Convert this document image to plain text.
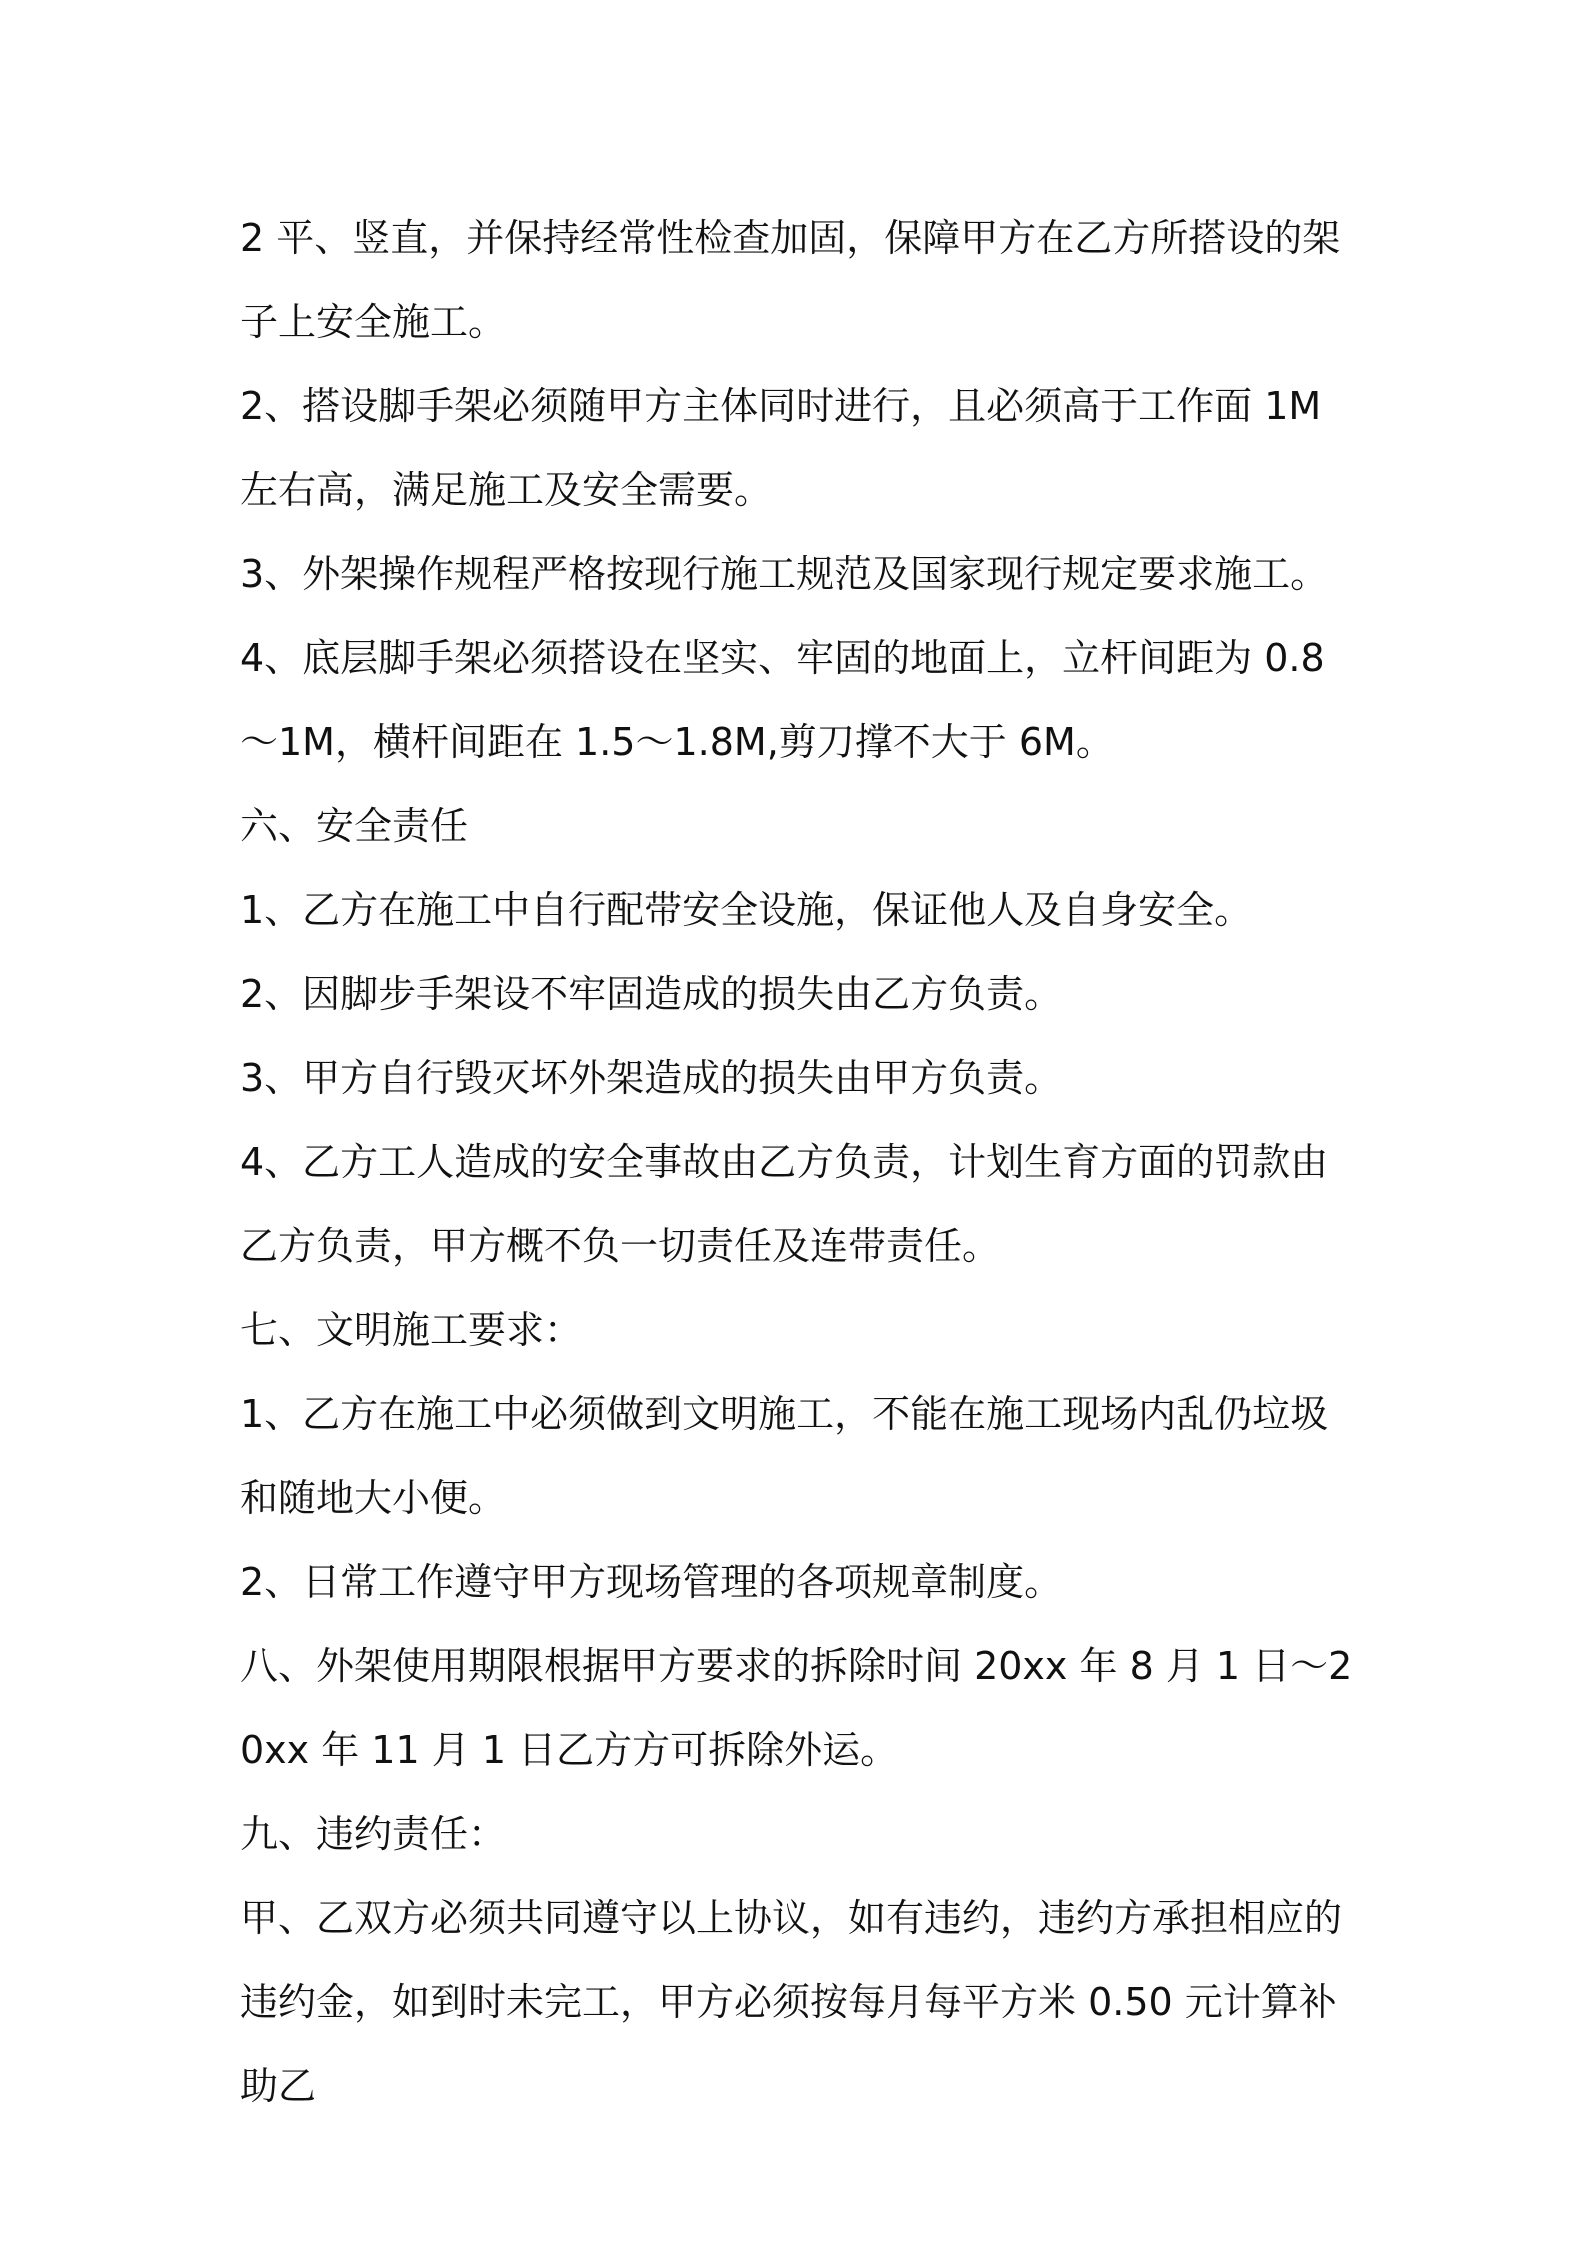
2 平、竖直，并保持经常性检查加固，保障甲方在乙方所搭设的架子上安全施工。

2、搭设脚手架必须随甲方主体同时进行，且必须高于工作面 1M 左右高，满足施工及安全需要。

3、外架操作规程严格按现行施工规范及国家现行规定要求施工。

4、底层脚手架必须搭设在坚实、牢固的地面上，立杆间距为 0.8～1M，横杆间距在 1.5～1.8M,剪刀撑不大于 6M。

六、安全责任

1、乙方在施工中自行配带安全设施，保证他人及自身安全。

2、因脚步手架设不牢固造成的损失由乙方负责。

3、甲方自行毁灭坏外架造成的损失由甲方负责。

4、乙方工人造成的安全事故由乙方负责，计划生育方面的罚款由乙方负责，甲方概不负一切责任及连带责任。

七、文明施工要求：

1、乙方在施工中必须做到文明施工，不能在施工现场内乱仍垃圾和随地大小便。

2、日常工作遵守甲方现场管理的各项规章制度。

八、外架使用期限根据甲方要求的拆除时间 20xx 年 8 月 1 日～20xx 年 11 月 1 日乙方方可拆除外运。

九、违约责任：

甲、乙双方必须共同遵守以上协议，如有违约，违约方承担相应的违约金，如到时未完工，甲方必须按每月每平方米 0.50 元计算补助乙
